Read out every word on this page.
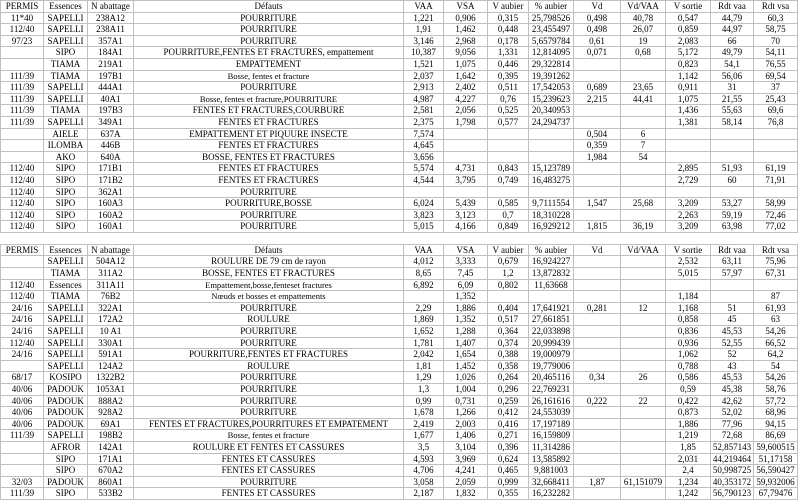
PERMIS	Essences	N abattage	Défauts	VAA	VSA	V aubier	% aubier	Vd	Vd/VAA	V sortie	Rdt vaa	Rdt vsa
11*40	SAPELLI	238A12	POURRITURE	1,221	0,906	0,315	25,798526	0,498	40,78	0,547	44,79	60,3
112/40	SAPELLI	238A11	POURRITURE	1,91	1,462	0,448	23,455497	0,498	26,07	0,859	44,97	58,75
97/23	SAPELLI	357A1	POURRITURE	3,146	2,968	0,178	5,6579784	0,61	19	2,083	66	70
	SIPO	184A1	POURRITURE,FENTES ET FRACTURES, empattement	10,387	9,056	1,331	12,814095	0,071	0,68	5,172	49,79	54,11
	TIAMA	219A1	EMPATTEMENT	1,521	1,075	0,446	29,322814			0,823	54,1	76,55
111/39	TIAMA	197B1	Bosse, fentes et fracture	2,037	1,642	0,395	19,391262			1,142	56,06	69,54
111/39	SAPELLI	444A1	POURRITURE	2,913	2,402	0,511	17,542053	0,689	23,65	0,911	31	37
111/39	SAPELLI	40A1	Bosse, fentes et fracture,POURRITURE	4,987	4,227	0,76	15,239623	2,215	44,41	1,075	21,55	25,43
111/39	TIAMA	197B3	FENTES ET FRACTURES,COURBURE	2,581	2,056	0,525	20,340953			1,436	55,63	69,6
111/39	SAPELLI	349A1	FENTES ET FRACTURES	2,375	1,798	0,577	24,294737			1,381	58,14	76,8
	AIELE	637A	EMPATTEMENT ET PIQUURE INSECTE	7,574				0,504	6			
	ILOMBA	446B	FENTES ET FRACTURES	4,645				0,359	7			
	AKO	640A	BOSSE, FENTES ET FRACTURES	3,656				1,984	54			
112/40	SIPO	171B1	FENTES ET FRACTURES	5,574	4,731	0,843	15,123789			2,895	51,93	61,19
112/40	SIPO	171B2	FENTES ET FRACTURES	4,544	3,795	0,749	16,483275			2,729	60	71,91
112/40	SIPO	362A1	POURRITURE									
112/40	SIPO	160A3	POURRITURE,BOSSE	6,024	5,439	0,585	9,7111554	1,547	25,68	3,209	53,27	58,99
112/40	SIPO	160A2	POURRITURE	3,823	3,123	0,7	18,310228			2,263	59,19	72,46
112/40	SIPO	160A1	POURRITURE	5,015	4,166	0,849	16,929212	1,815	36,19	3,209	63,98	77,02
PERMIS	Essences	N abattage	Défauts	VAA	VSA	V aubier	% aubier	Vd	Vd/VAA	V sortie	Rdt vaa	Rdt vsa
	SAPELLI	504A12	ROULURE DE 79 cm de rayon	4,012	3,333	0,679	16,924227			2,532	63,11	75,96
	TIAMA	311A2	BOSSE, FENTES ET FRACTURES	8,65	7,45	1,2	13,872832			5,015	57,97	67,31
112/40	Essences	311A11	Empattement,bosse,fenteset fractures	6,892	6,09	0,802	11,63668					
112/40	TIAMA	76B2	Nœuds et bosses et empattements		1,352					1,184		87
24/16	SAPELLI	322A1	POURRITURE	2,29	1,886	0,404	17,641921	0,281	12	1,168	51	61,93
24/16	SAPELLI	172A2	ROULURE	1,869	1,352	0,517	27,661851			0,858	45	63
24/16	SAPELLI	10 A1	POURRITURE	1,652	1,288	0,364	22,033898			0,836	45,53	54,26
112/40	SAPELLI	330A1	POURRITURE	1,781	1,407	0,374	20,999439			0,936	52,55	66,52
24/16	SAPELLI	591A1	POURRITURE,FENTES ET FRACTURES	2,042	1,654	0,388	19,000979			1,062	52	64,2
	SAPELLI	124A2	ROULURE	1,81	1,452	0,358	19,779006			0,788	43	54
68/17	KOSIPO	1322B2	POURRITURE	1,29	1,026	0,264	20,465116	0,34	26	0,586	45,53	54,26
40/06	PADOUK	1053A1	POURRITURE	1,3	1,004	0,296	22,769231			0,59	45,38	58,76
40/06	PADOUK	888A2	POURRITURE	0,99	0,731	0,259	26,161616	0,222	22	0,422	42,62	57,72
40/06	PADOUK	928A2	POURRITURE	1,678	1,266	0,412	24,553039			0,873	52,02	68,96
40/06	PADOUK	69A1	FENTES ET FRACTURES,POURRITURES ET EMPATEMENT	2,419	2,003	0,416	17,197189			1,886	77,96	94,15
111/39	SAPELLI	198B2	Bosse, fentes et fracture	1,677	1,406	0,271	16,159809			1,219	72,68	86,69
	AFROR	142A1	ROULURE ET FENTES ET CASSURES	3,5	3,104	0,396	11,314286			1,85	52,857143	59,600515
	SIPO	171A1	FENTES ET CASSURES	4,593	3,969	0,624	13,585892			2,031	44,219464	51,17158
	SIPO	670A2	FENTES ET CASSURES	4,706	4,241	0,465	9,881003			2,4	50,998725	56,590427
32/03	PADOUK	860A1	POURRITURE	3,058	2,059	0,999	32,668411	1,87	61,151079	1,234	40,353172	59,932006
111/39	SIPO	533B2	FENTES ET CASSURES	2,187	1,832	0,355	16,232282			1,242	56,790123	67,79476
